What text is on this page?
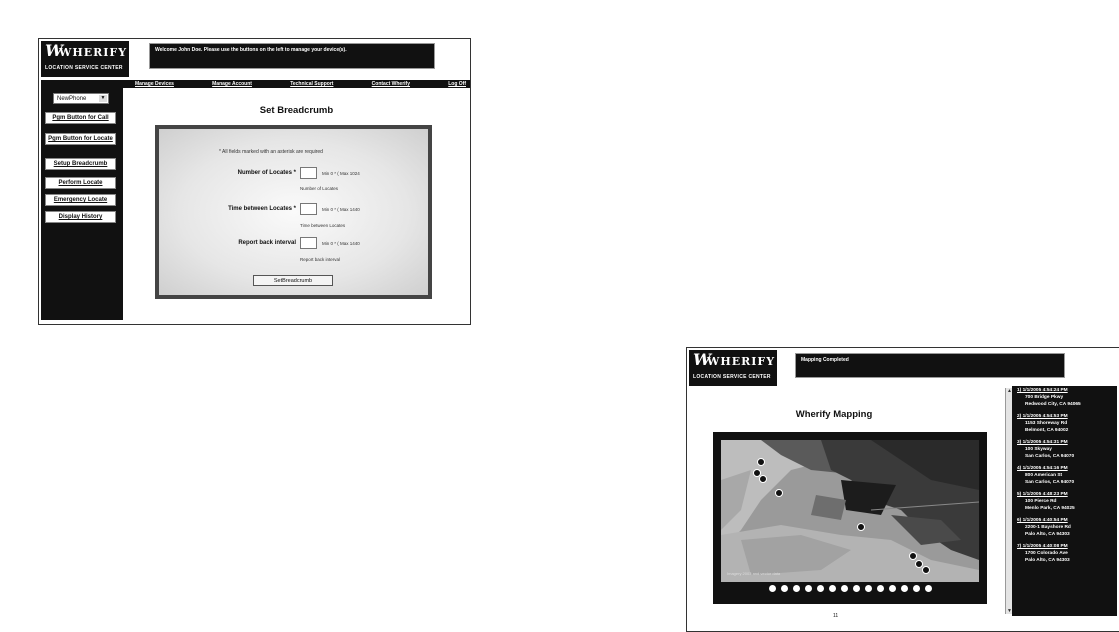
W
WHERIFY
LOCATION SERVICE CENTER
Welcome John Doe. Please use the buttons on the left to manage your device(s).
Manage Devices	Manage Account	Technical Support	Contact Wherify	Log Off
NewPhone	▼
Pgm Button for Call
Pgm Button for Locate
Setup Breadcrumb
Perform Locate
Emergency Locate
Display History
Set Breadcrumb
* All fields marked with an asterisk are required
Number of Locates *	Min 0 * ( Max 1024
Number of Locates
Time between Locates *	Min 0 * ( Max 1440
Time between Locates
Report back interval	Min 0 * ( Max 1440
Report back interval
SetBreadcrumb
W
WHERIFY
LOCATION SERVICE CENTER
Mapping Completed
Wherify Mapping
Imagery 2003 and vector data
11
▲
▼
1) 1/1/2005 4:54:24 PM
700 Bridge Pkwy
Redwood City, CA 94065
2) 1/1/2005 4:54:53 PM
1153 Shoreway Rd
Belmont, CA 94002
3) 1/1/2005 4:54:31 PM
100 Skyway
San Carlos, CA 94070
4) 1/1/2005 4:54:16 PM
800 American St
San Carlos, CA 94070
5) 1/1/2005 4:48:23 PM
100 Pierce Rd
Menlo Park, CA 94025
6) 1/1/2005 4:40:54 PM
2200-1 Bayshore Rd
Palo Alto, CA 94303
7) 1/1/2005 4:40:08 PM
1700 Colorado Ave
Palo Alto, CA 94303
